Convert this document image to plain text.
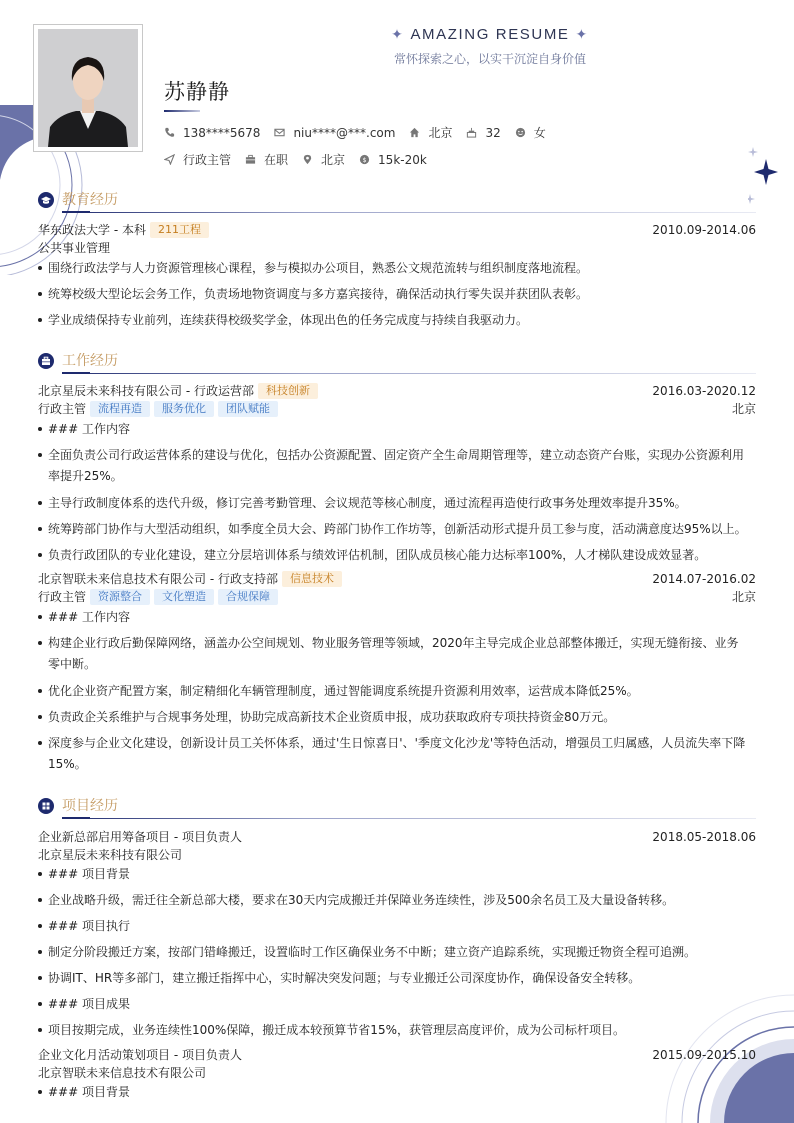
✦ AMAZING RESUME ✦
常怀探索之心，以实干沉淀自身价值
苏静静
138****5678	niu****@***.com	北京	32	女
行政主管	在职	北京 $ 15k-20k
教育经历
华东政法大学 - 本科 211工程	2010.09-2014.06
公共事业管理
围绕行政法学与人力资源管理核心课程，参与模拟办公项目，熟悉公文规范流转与组织制度落地流程。
统筹校级大型论坛会务工作，负责场地物资调度与多方嘉宾接待，确保活动执行零失误并获团队表彰。
学业成绩保持专业前列，连续获得校级奖学金，体现出色的任务完成度与持续自我驱动力。
工作经历
北京星辰未来科技有限公司 - 行政运营部 科技创新	2016.03-2020.12
行政主管 流程再造 服务优化 团队赋能	北京
### 工作内容
全面负责公司行政运营体系的建设与优化，包括办公资源配置、固定资产全生命周期管理等，建立动态资产台账，实现办公资源利用率提升25%。
主导行政制度体系的迭代升级，修订完善考勤管理、会议规范等核心制度，通过流程再造使行政事务处理效率提升35%。
统筹跨部门协作与大型活动组织，如季度全员大会、跨部门协作工作坊等，创新活动形式提升员工参与度，活动满意度达95%以上。
负责行政团队的专业化建设，建立分层培训体系与绩效评估机制，团队成员核心能力达标率100%，人才梯队建设成效显著。
北京智联未来信息技术有限公司 - 行政支持部 信息技术	2014.07-2016.02
行政主管 资源整合 文化塑造 合规保障	北京
### 工作内容
构建企业行政后勤保障网络，涵盖办公空间规划、物业服务管理等领域，2020年主导完成企业总部整体搬迁，实现无缝衔接、业务零中断。
优化企业资产配置方案，制定精细化车辆管理制度，通过智能调度系统提升资源利用效率，运营成本降低25%。
负责政企关系维护与合规事务处理，协助完成高新技术企业资质申报，成功获取政府专项扶持资金80万元。
深度参与企业文化建设，创新设计员工关怀体系，通过'生日惊喜日'、'季度文化沙龙'等特色活动，增强员工归属感，人员流失率下降15%。
项目经历
企业新总部启用筹备项目 - 项目负责人	2018.05-2018.06
北京星辰未来科技有限公司
### 项目背景
企业战略升级，需迁往全新总部大楼，要求在30天内完成搬迁并保障业务连续性，涉及500余名员工及大量设备转移。
### 项目执行
制定分阶段搬迁方案，按部门错峰搬迁，设置临时工作区确保业务不中断；建立资产追踪系统，实现搬迁物资全程可追溯。
协调IT、HR等多部门，建立搬迁指挥中心，实时解决突发问题；与专业搬迁公司深度协作，确保设备安全转移。
### 项目成果
项目按期完成，业务连续性100%保障，搬迁成本较预算节省15%，获管理层高度评价，成为公司标杆项目。
企业文化月活动策划项目 - 项目负责人	2015.09-2015.10
北京智联未来信息技术有限公司
### 项目背景
